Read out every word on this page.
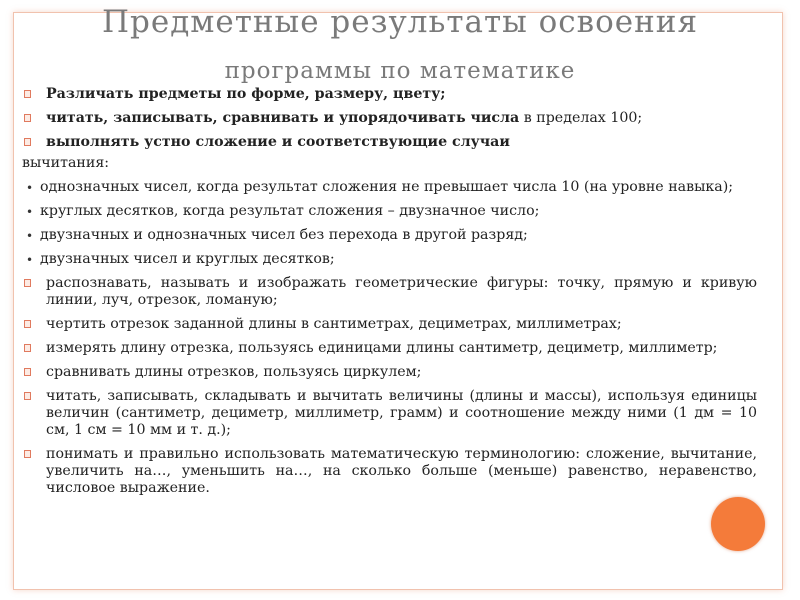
Предметные результаты освоения
программы по математике
Различать предметы по форме, размеру, цвету;
читать, записывать, сравнивать и упорядочивать числа в пределах 100;
выполнять устно сложение и соответствующие случаи
вычитания:
• однозначных чисел, когда результат сложения не превышает числа 10 (на уровне навыка);
• круглых десятков, когда результат сложения – двузначное число;
• двузначных и однозначных чисел без перехода в другой разряд;
• двузначных чисел и круглых десятков;
распознавать, называть и изображать геометрические фигуры: точку, прямую и кривую линии, луч, отрезок, ломаную;
чертить отрезок заданной длины в сантиметрах, дециметрах, миллиметрах;
измерять длину отрезка, пользуясь единицами длины сантиметр, дециметр, миллиметр;
сравнивать длины отрезков, пользуясь циркулем;
читать, записывать, складывать и вычитать величины (длины и массы), используя единицы величин (сантиметр, дециметр, миллиметр, грамм) и соотношение между ними (1 дм = 10 см, 1 см = 10 мм и т. д.);
понимать и правильно использовать математическую терминологию: сложение, вычитание, увеличить на…, уменьшить на…, на сколько больше (меньше) равенство, неравенство, числовое выражение.
